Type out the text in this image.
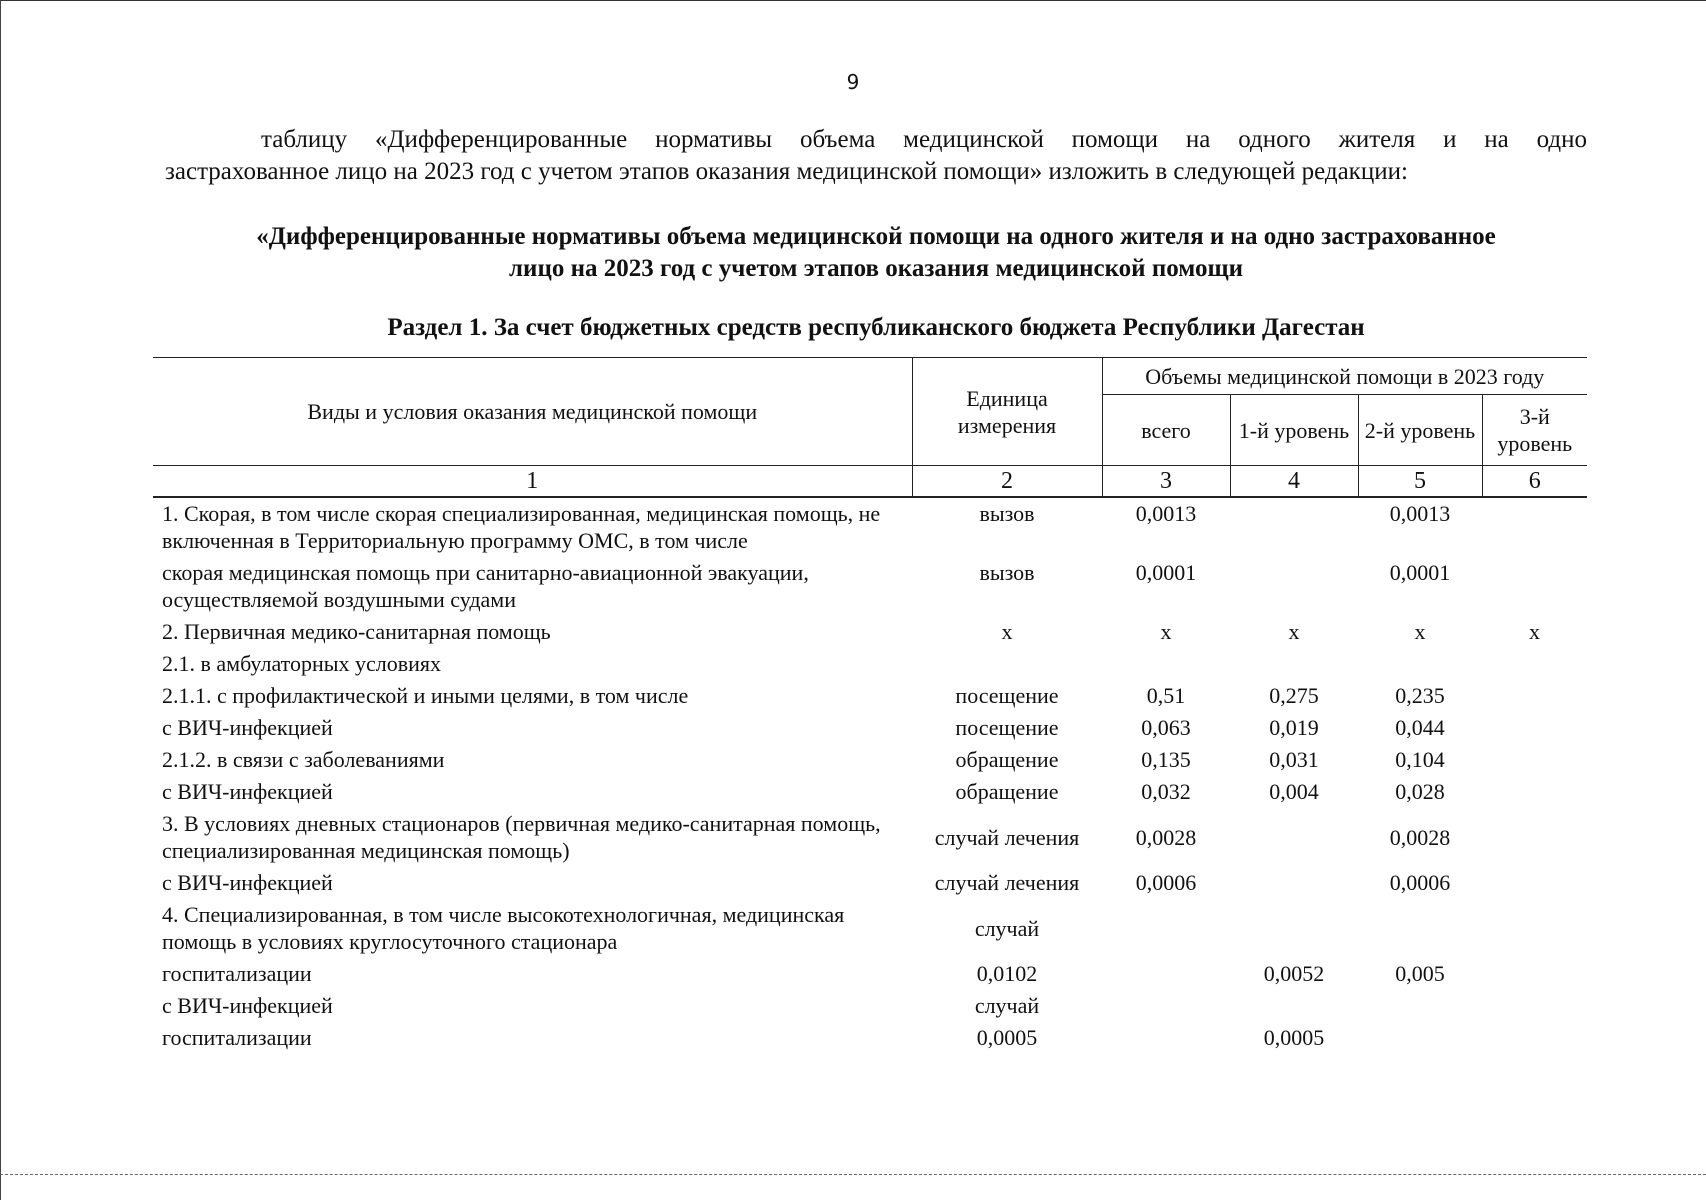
9
таблицу «Дифференцированные нормативы объема медицинской помощи на одного жителя и на одно
застрахованное лицо на 2023 год с учетом этапов оказания медицинской помощи» изложить в следующей редакции:
«Дифференцированные нормативы объема медицинской помощи на одного жителя и на одно застрахованное
лицо на 2023 год с учетом этапов оказания медицинской помощи
Раздел 1. За счет бюджетных средств республиканского бюджета Республики Дагестан
Виды и условия оказания медицинской помощи	Единица измерения	Объемы медицинской помощи в 2023 году			
		всего	1-й уровень	2-й уровень	3-й уровень
1	2	3	4	5	6
1. Скорая, в том числе скорая специализированная, медицинская помощь, не включенная в Территориальную программу ОМС, в том числе	вызов	0,0013		0,0013	
скорая медицинская помощь при санитарно-авиационной эвакуации, осуществляемой воздушными судами	вызов	0,0001		0,0001	
2. Первичная медико-санитарная помощь	х	х	х	х	х
2.1. в амбулаторных условиях					
2.1.1. с профилактической и иными целями, в том числе	посещение	0,51	0,275	0,235	
с ВИЧ-инфекцией	посещение	0,063	0,019	0,044	
2.1.2. в связи с заболеваниями	обращение	0,135	0,031	0,104	
с ВИЧ-инфекцией	обращение	0,032	0,004	0,028	
3. В условиях дневных стационаров (первичная медико-санитарная помощь, специализированная медицинская помощь)	случай лечения	0,0028		0,0028	
с ВИЧ-инфекцией	случай лечения	0,0006		0,0006	
4. Специализированная, в том числе высокотехнологичная, медицинская помощь в условиях круглосуточного стационара	случай				
госпитализации	0,0102		0,0052	0,005	
с ВИЧ-инфекцией	случай				
госпитализации	0,0005		0,0005		
